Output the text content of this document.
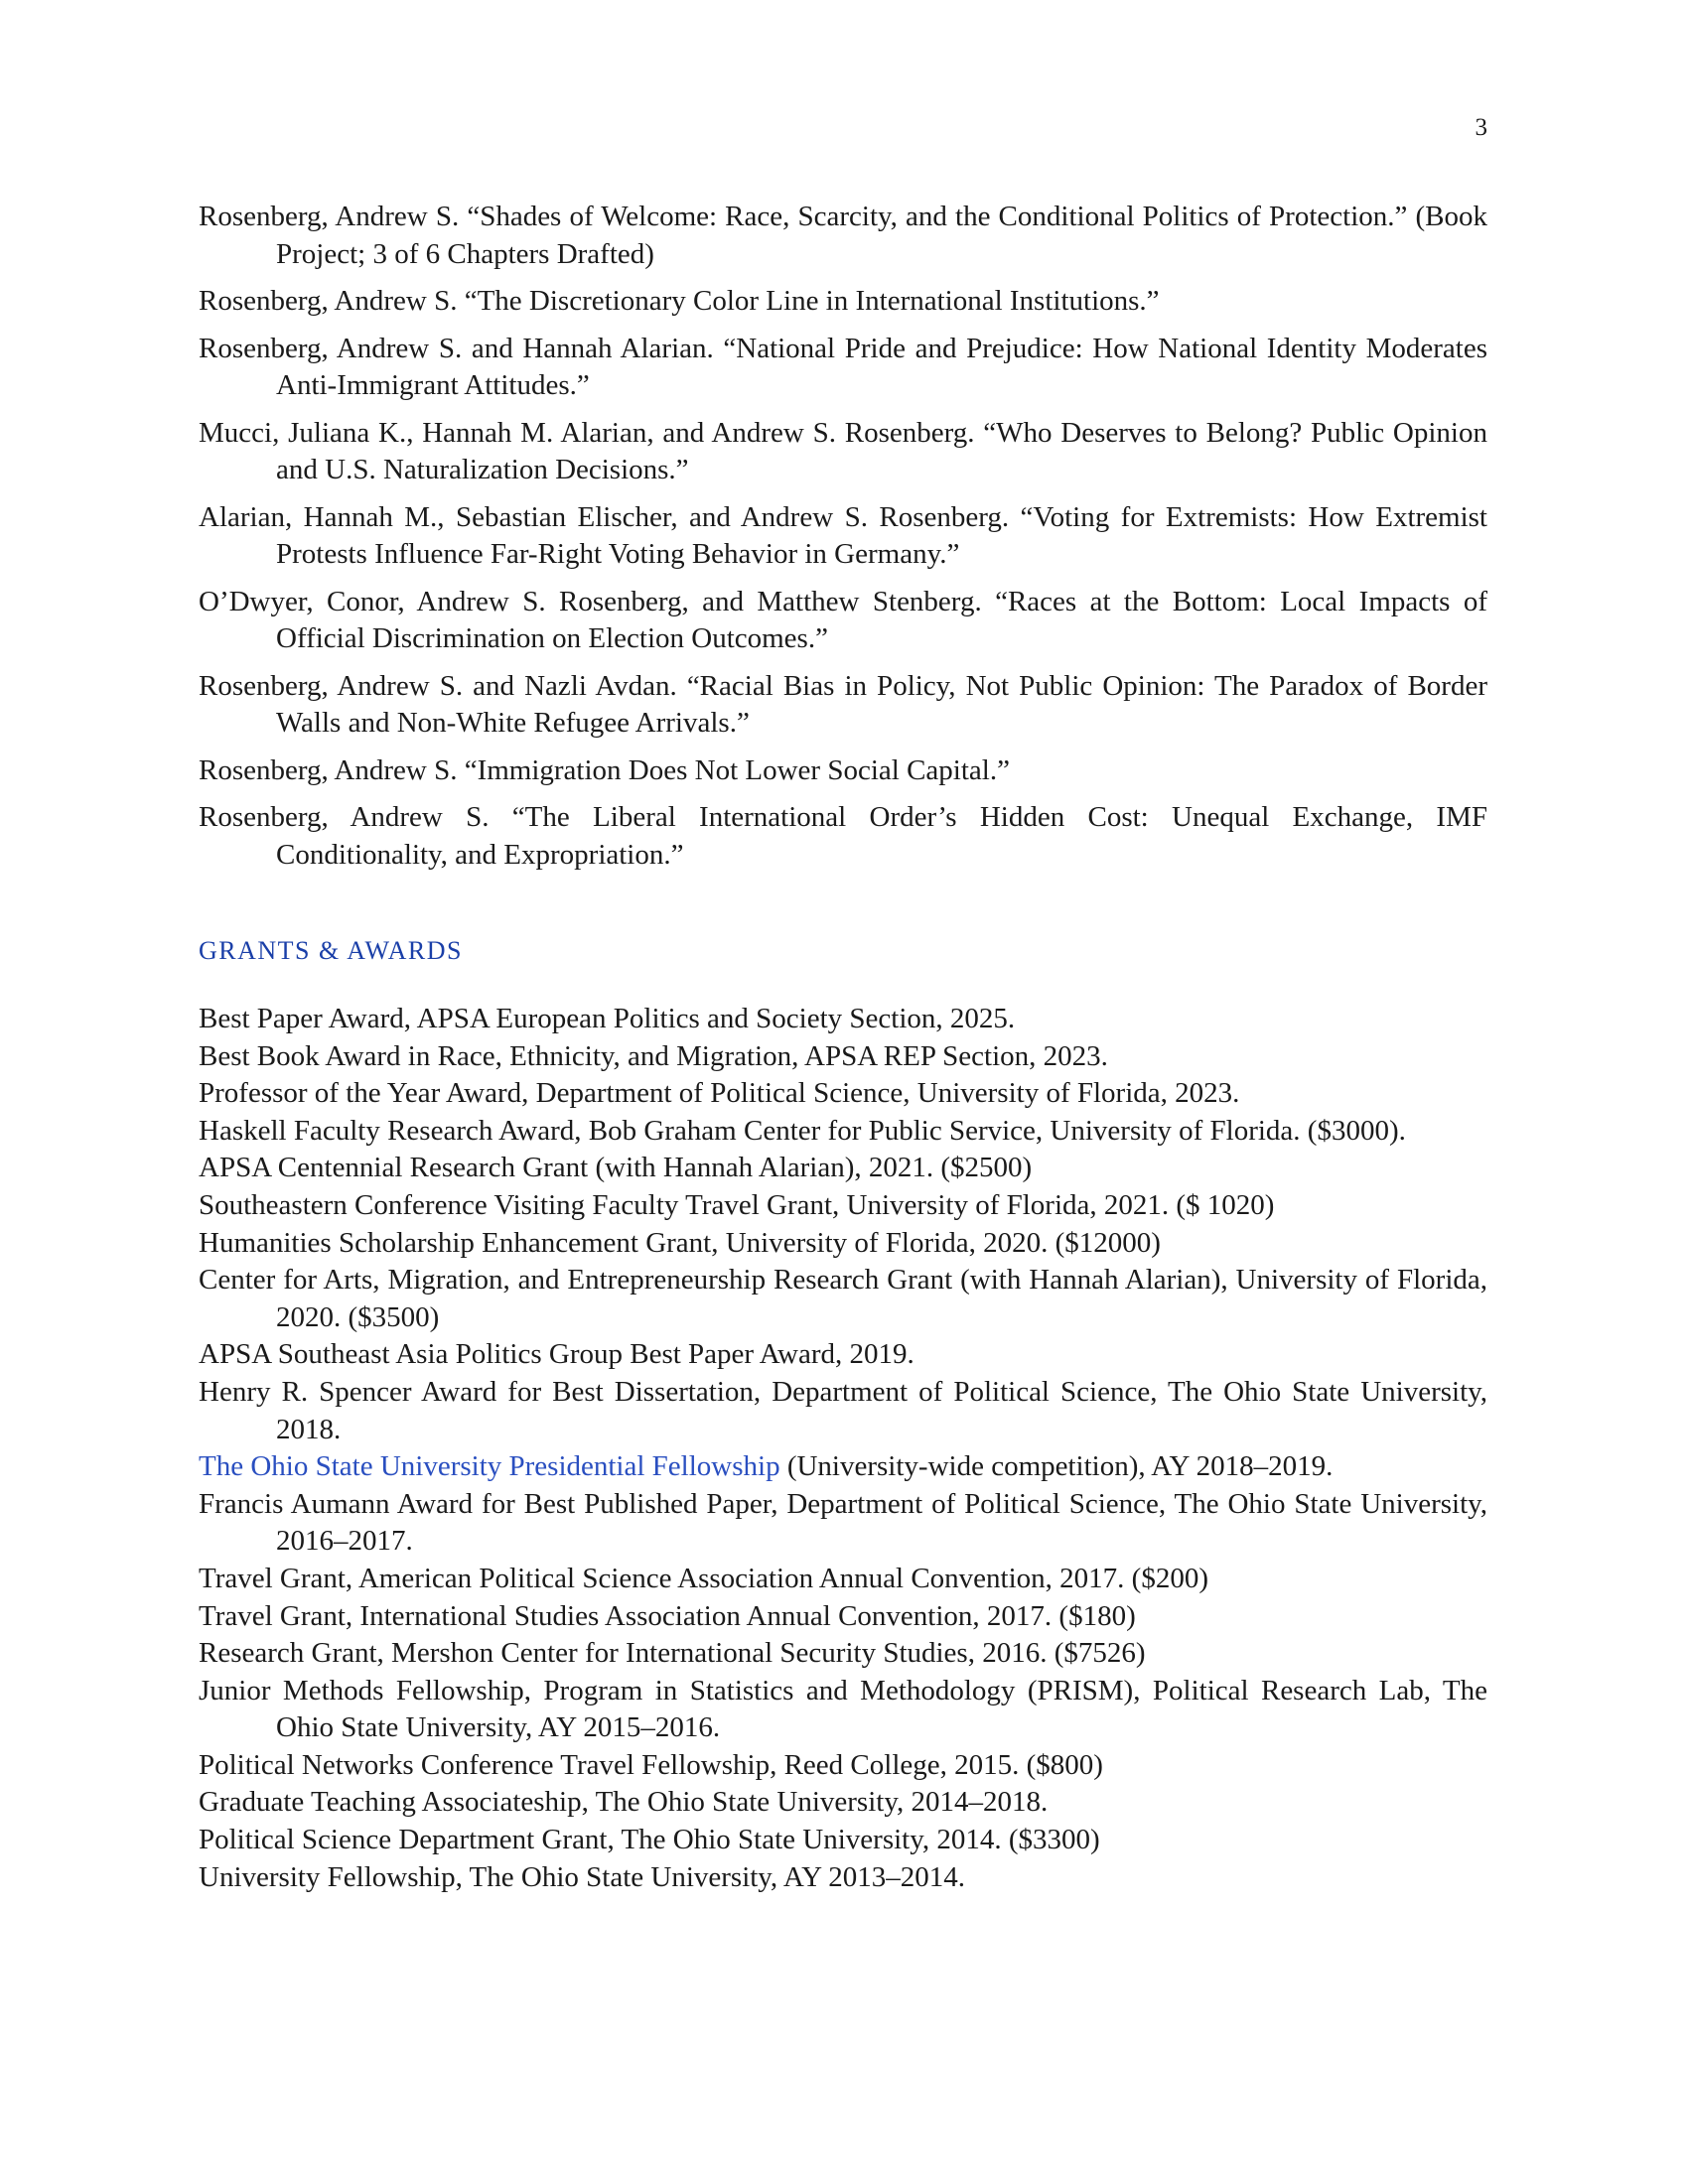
3
Rosenberg, Andrew S. “Shades of Welcome: Race, Scarcity, and the Conditional Politics of Protection.” (Book Project; 3 of 6 Chapters Drafted)
Rosenberg, Andrew S. “The Discretionary Color Line in International Institutions.”
Rosenberg, Andrew S. and Hannah Alarian. “National Pride and Prejudice: How National Identity Moderates Anti-Immigrant Attitudes.”
Mucci, Juliana K., Hannah M. Alarian, and Andrew S. Rosenberg. “Who Deserves to Belong? Public Opinion and U.S. Naturalization Decisions.”
Alarian, Hannah M., Sebastian Elischer, and Andrew S. Rosenberg. “Voting for Extremists: How Extremist Protests Influence Far-Right Voting Behavior in Germany.”
O’Dwyer, Conor, Andrew S. Rosenberg, and Matthew Stenberg. “Races at the Bottom: Local Impacts of Official Discrimination on Election Outcomes.”
Rosenberg, Andrew S. and Nazli Avdan. “Racial Bias in Policy, Not Public Opinion: The Paradox of Border Walls and Non-White Refugee Arrivals.”
Rosenberg, Andrew S. “Immigration Does Not Lower Social Capital.”
Rosenberg, Andrew S. “The Liberal International Order’s Hidden Cost: Unequal Exchange, IMF Conditionality, and Expropriation.”
GRANTS & AWARDS
Best Paper Award, APSA European Politics and Society Section, 2025.
Best Book Award in Race, Ethnicity, and Migration, APSA REP Section, 2023.
Professor of the Year Award, Department of Political Science, University of Florida, 2023.
Haskell Faculty Research Award, Bob Graham Center for Public Service, University of Florida. ($3000).
APSA Centennial Research Grant (with Hannah Alarian), 2021. ($2500)
Southeastern Conference Visiting Faculty Travel Grant, University of Florida, 2021. ($ 1020)
Humanities Scholarship Enhancement Grant, University of Florida, 2020. ($12000)
Center for Arts, Migration, and Entrepreneurship Research Grant (with Hannah Alarian), University of Florida, 2020. ($3500)
APSA Southeast Asia Politics Group Best Paper Award, 2019.
Henry R. Spencer Award for Best Dissertation, Department of Political Science, The Ohio State University, 2018.
The Ohio State University Presidential Fellowship (University-wide competition), AY 2018–2019.
Francis Aumann Award for Best Published Paper, Department of Political Science, The Ohio State University, 2016–2017.
Travel Grant, American Political Science Association Annual Convention, 2017. ($200)
Travel Grant, International Studies Association Annual Convention, 2017. ($180)
Research Grant, Mershon Center for International Security Studies, 2016. ($7526)
Junior Methods Fellowship, Program in Statistics and Methodology (PRISM), Political Research Lab, The Ohio State University, AY 2015–2016.
Political Networks Conference Travel Fellowship, Reed College, 2015. ($800)
Graduate Teaching Associateship, The Ohio State University, 2014–2018.
Political Science Department Grant, The Ohio State University, 2014. ($3300)
University Fellowship, The Ohio State University, AY 2013–2014.
